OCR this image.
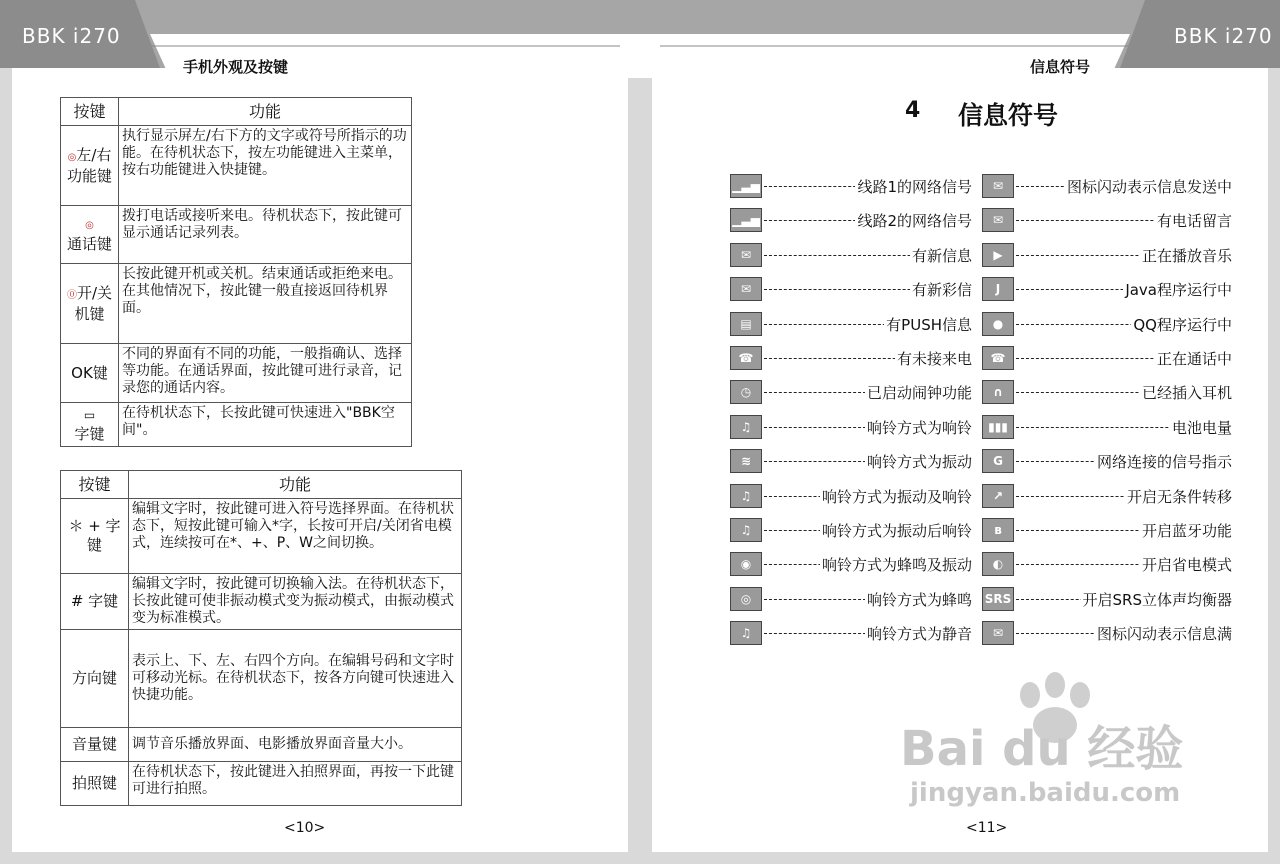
BBK i270	BBK i270
手机外观及按键	信息符号
按键	功能
◎左/右功能键	执行显示屏左/右下方的文字或符号所指示的功能。在待机状态下，按左功能键进入主菜单，按右功能键进入快捷键。

◎
通话键	拨打电话或接听来电。待机状态下，按此键可显示通话记录列表。
⓪开/关机键	长按此键开机或关机。结束通话或拒绝来电。在其他情况下，按此键一般直接返回待机界面。
OK键	不同的界面有不同的功能，一般指确认、选择等功能。在通话界面，按此键可进行录音，记录您的通话内容。

▭
字键	在待机状态下，长按此键可快速进入"BBK空间"。
按键	功能
＊ + 字键	编辑文字时，按此键可进入符号选择界面。在待机状态下，短按此键可输入*字，长按可开启/关闭省电模式，连续按可在*、+、P、W之间切换。
# 字键	编辑文字时，按此键可切换输入法。在待机状态下，长按此键可使非振动模式变为振动模式，由振动模式变为标准模式。
方向键	表示上、下、左、右四个方向。在编辑号码和文字时可移动光标。在待机状态下，按各方向键可快速进入快捷功能。
音量键	调节音乐播放界面、电影播放界面音量大小。
拍照键	在待机状态下，按此键进入拍照界面，再按一下此键可进行拍照。
<10>
4 信息符号
▁▃▅	线路1的网络信号
▁▃▅	线路2的网络信号
✉	有新信息
✉	有新彩信
▤	有PUSH信息
☎	有未接来电
◷	已启动闹钟功能
♫	响铃方式为响铃
≋	响铃方式为振动
♫	响铃方式为振动及响铃
♫	响铃方式为振动后响铃
◉	响铃方式为蜂鸣及振动
◎	响铃方式为蜂鸣
♫	响铃方式为静音
✉	图标闪动表示信息发送中
✉	有电话留言
▶	正在播放音乐
J	Java程序运行中
●	QQ程序运行中
☎	正在通话中
∩	已经插入耳机
▮▮▮	电池电量
G	网络连接的信号指示
↗	开启无条件转移
ʙ	开启蓝牙功能
◐	开启省电模式
SRS	开启SRS立体声均衡器
✉	图标闪动表示信息满
<11>
Bai du 经验
jingyan.baidu.com
